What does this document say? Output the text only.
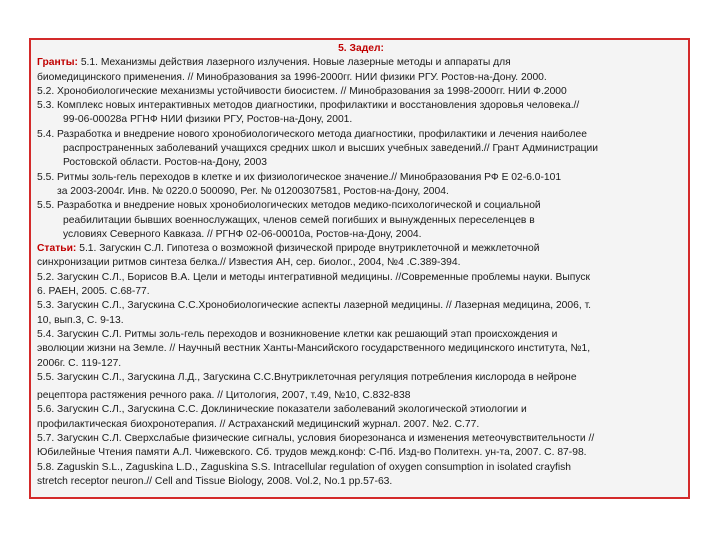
5. Задел:
Гранты: 5.1. Механизмы действия лазерного излучения. Новые лазерные методы и аппараты для
биомедицинского применения. // Минобразования за 1996-2000гг. НИИ физики РГУ. Ростов-на-Дону. 2000.
5.2. Хронобиологические механизмы устойчивости биосистем. // Минобразования за 1998-2000гг. НИИ Ф.2000
5.3. Комплекс новых интерактивных методов диагностики, профилактики и восстановления здоровья человека.//
99-06-00028а РГНФ НИИ физики РГУ, Ростов-на-Дону, 2001.
5.4. Разработка и внедрение нового хронобиологического метода диагностики, профилактики и лечения наиболее
распространенных заболеваний учащихся средних школ и высших учебных заведений.// Грант Администрации
Ростовской области. Ростов-на-Дону, 2003
5.5. Ритмы золь-гель переходов в клетке и их физиологическое значение.// Минобразования РФ Е 02-6.0-101
за 2003-2004г. Инв. № 0220.0 500090, Рег. № 01200307581, Ростов-на-Дону, 2004.
5.5. Разработка и внедрение новых хронобиологических методов медико-психологической и социальной
реабилитации бывших военнослужащих, членов семей погибших и вынужденных переселенцев в
условиях Северного Кавказа. // РГНФ 02-06-00010а, Ростов-на-Дону, 2004.
Статьи: 5.1. Загускин С.Л. Гипотеза о возможной физической природе внутриклеточной и межклеточной
синхронизации ритмов синтеза белка.// Известия АН, сер. биолог., 2004, №4 .С.389-394.
5.2. Загускин С.Л., Борисов В.А. Цели и методы интегративной медицины. //Современные проблемы науки. Выпуск
6. РАЕН, 2005. С.68-77.
5.3. Загускин С.Л., Загускина С.С.Хронобиологические аспекты лазерной медицины. // Лазерная медицина, 2006, т.
10, вып.3, С. 9-13.
5.4. Загускин С.Л. Ритмы золь-гель переходов и возникновение клетки как решающий этап происхождения и
эволюции жизни на Земле. // Научный вестник Ханты-Мансийского государственного медицинского института, №1,
2006г. С. 119-127.
5.5. Загускин С.Л., Загускина Л.Д., Загускина С.С.Внутриклеточная регуляция потребления кислорода в нейроне
рецептора растяжения речного рака. // Цитология, 2007, т.49, №10, С.832-838
5.6. Загускин С.Л., Загускина С.С. Доклинические показатели заболеваний экологической этиологии и
профилактическая биохронотерапия. // Астраханский медицинский журнал. 2007. №2. С.77.
5.7. Загускин С.Л. Сверхслабые физические сигналы, условия биорезонанса и изменения метеочувствительности //
Юбилейные Чтения памяти А.Л. Чижевского. Сб. трудов межд.конф: С-Пб. Изд-во Политехн. ун-та, 2007. С. 87-98.
5.8. Zaguskin S.L., Zaguskina L.D., Zaguskina S.S. Intracellular regulation of oxygen consumption in isolated crayfish
stretch receptor neuron.// Cell and Tissue Biology, 2008. Vol.2, No.1 pp.57-63.
